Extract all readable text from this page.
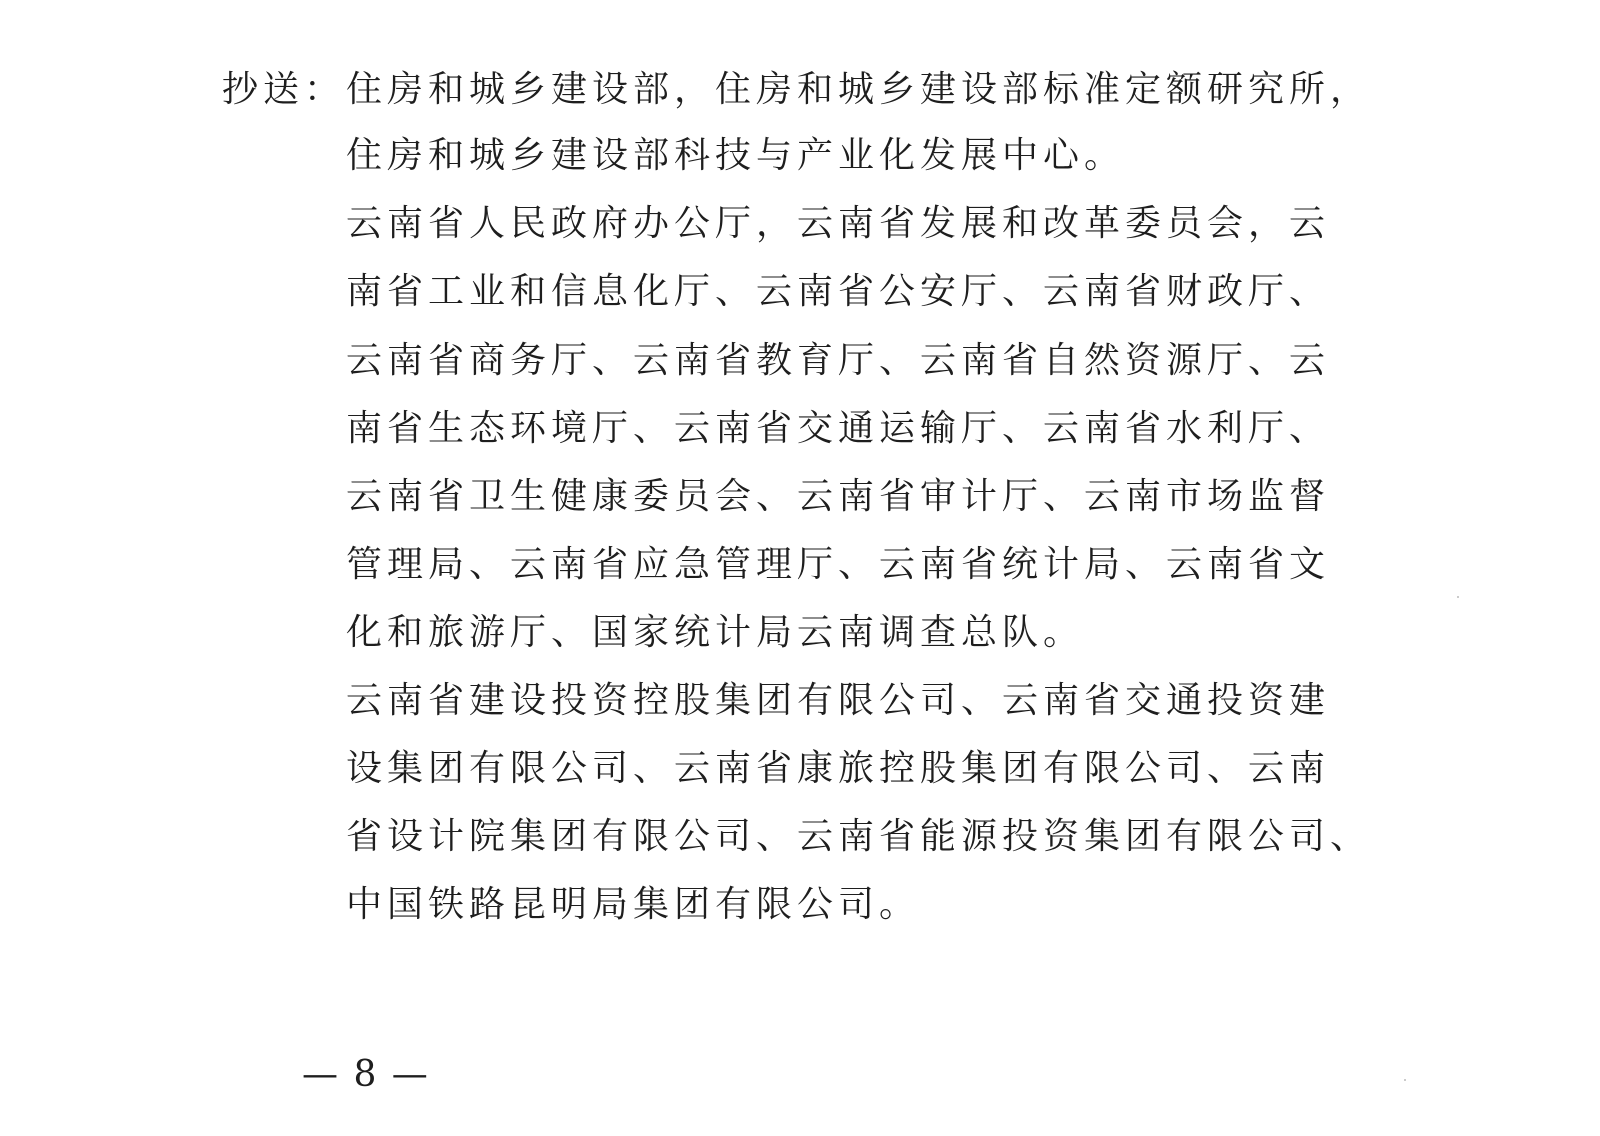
抄送： 住房和城乡建设部，住房和城乡建设部标准定额研究所，
住房和城乡建设部科技与产业化发展中心。
云南省人民政府办公厅，云南省发展和改革委员会，云
南省工业和信息化厅、云南省公安厅、云南省财政厅、
云南省商务厅、云南省教育厅、云南省自然资源厅、云
南省生态环境厅、云南省交通运输厅、云南省水利厅、
云南省卫生健康委员会、云南省审计厅、云南市场监督
管理局、云南省应急管理厅、云南省统计局、云南省文
化和旅游厅、国家统计局云南调查总队。
云南省建设投资控股集团有限公司、云南省交通投资建
设集团有限公司、云南省康旅控股集团有限公司、云南
省设计院集团有限公司、云南省能源投资集团有限公司、
中国铁路昆明局集团有限公司。
— 8 —
